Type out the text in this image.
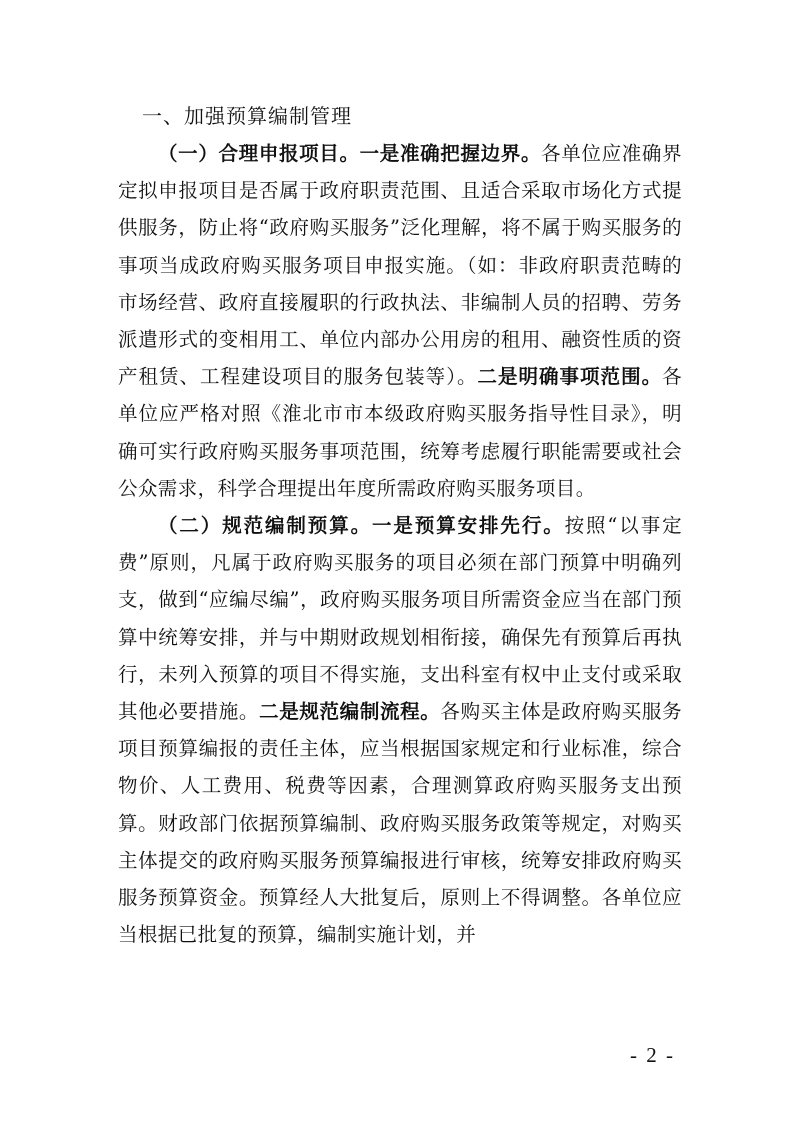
一、加强预算编制管理

（一）合理申报项目。一是准确把握边界。各单位应准确界定拟申报项目是否属于政府职责范围、且适合采取市场化方式提供服务，防止将“政府购买服务”泛化理解，将不属于购买服务的事项当成政府购买服务项目申报实施。（如：非政府职责范畴的市场经营、政府直接履职的行政执法、非编制人员的招聘、劳务派遣形式的变相用工、单位内部办公用房的租用、融资性质的资产租赁、工程建设项目的服务包装等）。二是明确事项范围。各单位应严格对照《淮北市市本级政府购买服务指导性目录》，明确可实行政府购买服务事项范围，统筹考虑履行职能需要或社会公众需求，科学合理提出年度所需政府购买服务项目。

（二）规范编制预算。一是预算安排先行。按照“以事定费”原则，凡属于政府购买服务的项目必须在部门预算中明确列支，做到“应编尽编”，政府购买服务项目所需资金应当在部门预算中统筹安排，并与中期财政规划相衔接，确保先有预算后再执行，未列入预算的项目不得实施，支出科室有权中止支付或采取其他必要措施。二是规范编制流程。各购买主体是政府购买服务项目预算编报的责任主体，应当根据国家规定和行业标准，综合物价、人工费用、税费等因素，合理测算政府购买服务支出预算。财政部门依据预算编制、政府购买服务政策等规定，对购买主体提交的政府购买服务预算编报进行审核，统筹安排政府购买服务预算资金。预算经人大批复后，原则上不得调整。各单位应当根据已批复的预算，编制实施计划，并

- 2 -
